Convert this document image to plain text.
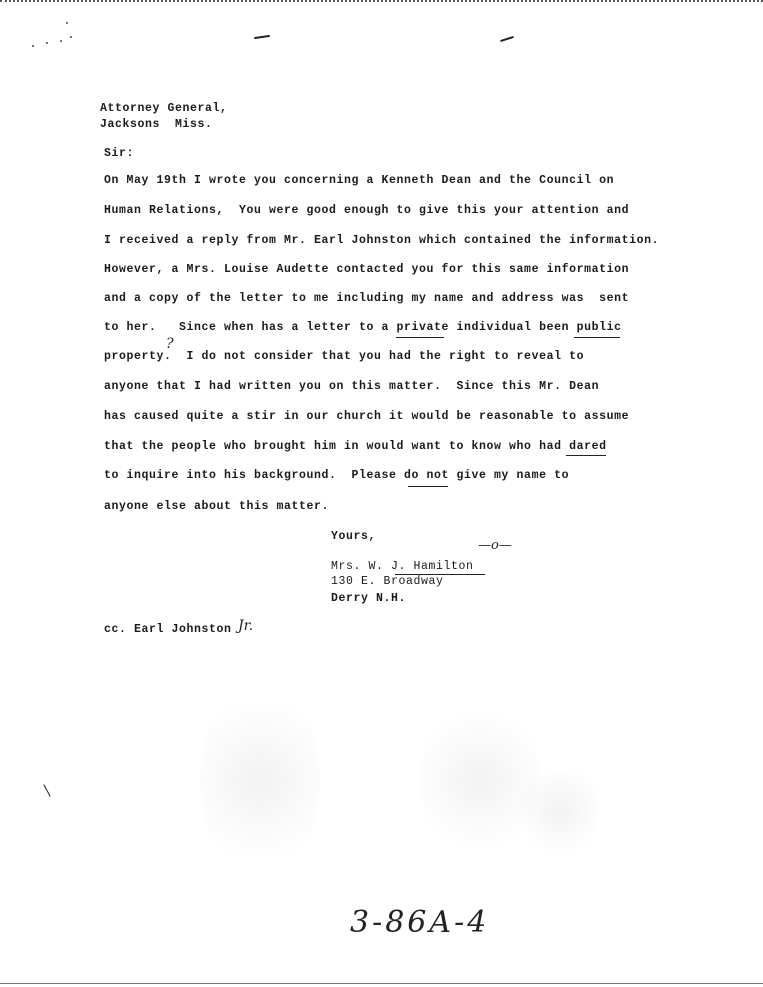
Attorney General,
Jacksons  Miss.
Sir:
On May 19th I wrote you concerning a Kenneth Dean and the Council on
Human Relations,  You were good enough to give this your attention and
I received a reply from Mr. Earl Johnston which contained the information.
However, a Mrs. Louise Audette contacted you for this same information
and a copy of the letter to me including my name and address was  sent
to her.   Since when has a letter to a private individual been public
property.  I do not consider that you had the right to reveal to
anyone that I had written you on this matter.  Since this Mr. Dean
has caused quite a stir in our church it would be reasonable to assume
that the people who brought him in would want to know who had dared
to inquire into his background.  Please do not give my name to
anyone else about this matter.
?
Yours,
Mrs. W. J. Hamilton
—o—
130 E. Broadway
Derry N.H.
cc. Earl Johnston Jr.
3-86A-4
